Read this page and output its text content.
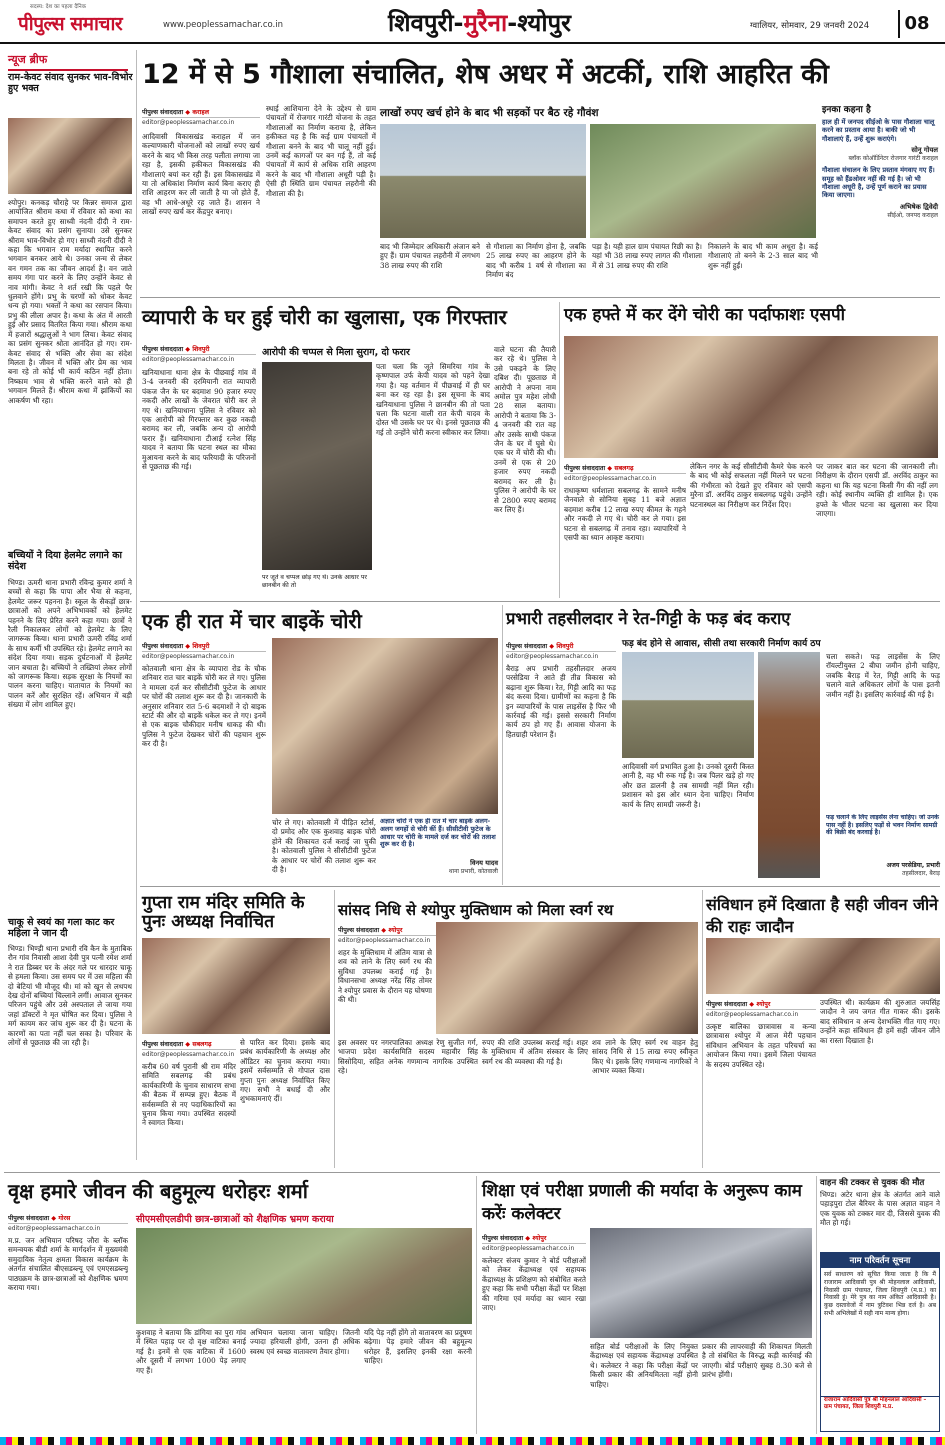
सदस्य: देश का पहला दैनिक
पीपुल्स समाचार	www.peoplessamachar.co.in	शिवपुरी-मुरैना-श्योपुर	ग्वालियर, सोमवार, 29 जनवरी 2024	08
न्यूज ब्रीफ
राम-केवट संवाद सुनकर भाव-विभोर हुए भक्त
श्योपुर। कनकड़ चौराहे पर किन्नर समाज द्वारा आयोजित श्रीराम कथा में रविवार को कथा का समापन करते हुए साध्वी नंदनी दीदी ने राम-केवट संवाद का प्रसंग सुनाया। उसे सुनकर श्रीराम भाव-विभोर हो गए। साध्वी नंदनी दीदी ने कहा कि भगवान राम मर्यादा स्थापित करने भगवान बनकर आये थे। उनका जन्म से लेकर वन गमन तक का जीवन आदर्श है। वन जाते समय गंगा पार करने के लिए उन्होंने केवट से नाव मांगी। केवट ने शर्त रखी कि पहले पैर धुलवाने होंगे। प्रभु के चरणों को धोकर केवट धन्य हो गया। भक्तों ने कथा का रसपान किया। प्रभु की लीला अपार है। कथा के अंत में आरती हुई और प्रसाद वितरित किया गया। श्रीराम कथा में हजारों श्रद्धालुओं ने भाग लिया। केवट संवाद का प्रसंग सुनकर श्रोता आनंदित हो गए। राम-केवट संवाद से भक्ति और सेवा का संदेश मिलता है। जीवन में भक्ति और प्रेम का भाव बना रहे तो कोई भी कार्य कठिन नहीं होता। निष्काम भाव से भक्ति करने वाले को ही भगवान मिलते हैं। श्रीराम कथा में झांकियों का आकर्षण भी रहा।
बच्चियों ने दिया हेलमेट लगाने का संदेश
भिण्ड। ऊमरी थाना प्रभारी रविन्द्र कुमार शर्मा ने बच्चों से कहा कि पापा और भैया से कहना, हेलमेट जरूर पहनना है। स्कूल के सैकड़ों छात्र-छात्राओं को अपने अभिभावकों को हेलमेट पहनने के लिए प्रेरित करने कहा गया। छात्रों ने रैली निकालकर लोगों को हेलमेट के लिए जागरूक किया। थाना प्रभारी ऊमरी रविंद्र शर्मा के साथ कर्मी भी उपस्थित रहे। हेलमेट लगाने का संदेश दिया गया। सड़क दुर्घटनाओं में हेलमेट जान बचाता है। बच्चियों ने तख्तियां लेकर लोगों को जागरूक किया। सड़क सुरक्षा के नियमों का पालन करना चाहिए। यातायात के नियमों का पालन करें और सुरक्षित रहें। अभियान में बड़ी संख्या में लोग शामिल हुए।
चाकू से स्वयं का गला काट कर महिला ने जान दी
भिण्ड। भिण्ड़ी थाना प्रभारी रवि कैन के मुताबिक रौन गांव निवासी आशा देवी पुत्र पत्नी रमेश शर्मा ने रात डिब्बर घर के अंदर गले पर धारदार चाकू से हमला किया। उस समय घर में उस महिला की दो बेटियां भी मौजूद थी। मां को खून से लथपथ देख दोनों बच्चियां चिल्लाने लगीं। आवाज सुनकर परिजन पहुंचे और उसे अस्पताल ले जाया गया जहां डॉक्टरों ने मृत घोषित कर दिया। पुलिस ने मर्ग कायम कर जांच शुरू कर दी है। घटना के कारणों का पता नहीं चल सका है। परिवार के लोगों से पूछताछ की जा रही है।
12 में से 5 गौशाला संचालित, शेष अधर में अटकीं, राशि आहरित की
पीपुल्स संवाददाता ◆ कराहल
editor@peoplessamachar.co.in
आदिवासी विकासखंड कराहल में जन कल्याणकारी योजनाओं को लाखों रुपए खर्च करने के बाद भी किस तरह पलीता लगाया जा रहा है, इसकी हकीकत विकासखंड की गौशालाएं बयां कर रही हैं। इस विकासखंड में या तो अधिकांश निर्माण कार्य बिना कराए ही राशि आहरण कर ली जाती है या जो होते हैं, वह भी आधे-अधूरे रह जाते हैं। शासन ने लाखों रुपए खर्च कर केंद्रपुर बनाए।
स्थाई आशियाना देने के उद्देश्य से ग्राम पंचायतों में रोजगार गारंटी योजना के तहत गौशालाओं का निर्माण कराया है, लेकिन हकीकत यह है कि कई ग्राम पंचायतों में गौशाला बनने के बाद भी चालू नहीं हुई। उनमें कई कागजों पर बन गई हैं, तो कई पंचायतों में कार्य से अधिक राशि आहरण करने के बाद भी गौशाला अधूरी पड़ी है। ऐसी ही स्थिति ग्राम पंचायत लहरौनी की गौशाला की है।
लाखों रुपए खर्च होने के बाद भी सड़कों पर बैठ रहे गौवंश
बाद भी जिम्मेदार अधिकारी अंजान बने हुए हैं। ग्राम पंचायत लहरौनी में लगभग 38 लाख रुपए की राशि
से गौशाला का निर्माण होना है, जबकि 25 लाख रुपए का आहरण होने के बाद भी करीब 1 वर्ष से गौशाला का निर्माण बंद
पड़ा है। यही हाल ग्राम पंचायत रिछी का है। यहां भी 38 लाख रुपए लागत की गौशाला में से 31 लाख रुपए की राशि
निकालने के बाद भी काम अधूरा है। कई गौशालाएं तो बनने के 2-3 साल बाद भी शुरू नहीं हुईं।
इनका कहना है
हाल ही में जनपद सीईओ के पास गौशाला चालू करने का प्रस्ताव आया है। बाकी जो भी गौशालाएं हैं, उन्हें शुरू कराएंगे।
सोनू गोयल
ब्लॉक कोऑर्डिनेटर रोजगार गारंटी कराहल
गौशाला संचालन के लिए प्रस्ताव मंगवाए गए हैं। समूह को हैंडओवर नहीं की गई है। जो भी गौशाला अधूरी है, उन्हें पूर्ण कराने का प्रयास किया जाएगा।
अभिषेक द्विवेदी
सीईओ, जनपद कराहल
व्यापारी के घर हुई चोरी का खुलासा, एक गिरफ्तार
पीपुल्स संवाददाता ◆ शिवपुरी
editor@peoplessamachar.co.in
खनियाधाना थाना क्षेत्र के पीछवाई गांव में 3-4 जनवरी की दरमियानी रात व्यापारी पंकज जैन के घर बदमाश 90 हजार रुपए नकदी और लाखों के जेवरात चोरी कर ले गए थे। खनियाधाना पुलिस ने रविवार को एक आरोपी को गिरफ्तार कर कुछ नकदी बरामद कर ली, जबकि अन्य दो आरोपी फरार हैं। खनियाधाना टीआई रत्नेश सिंह यादव ने बताया कि घटना स्थल का मौका मुआयना करने के बाद फरियादी के परिजनों से पूछताछ की गई।
आरोपी की चप्पल से मिला सुराग, दो फरार
पर जूते व चप्पल छोड़ गए थे। उनके आधार पर छानबीन की तो
पता चला कि जूते सिमरिया गांव के कृष्णपाल उर्फ केपी यादव को पहने देखा गया है। यह वर्तमान में पीछवाई में ही घर बना कर रह रहा है। इस सूचना के बाद खनियाधाना पुलिस ने छानबीन की तो पता चला कि घटना वाली रात केपी यादव के दोस्त भी उसके घर पर थे। इनसे पूछताछ की गई तो उन्होंने चोरी करना स्वीकार कर लिया।
वाले घटना की तैयारी कर रहे थे। पुलिस ने उसे पकड़ने के लिए दबिश दी। पूछताछ में आरोपी ने अपना नाम अमोल पुत्र महेश लोधी 28 साल बताया। आरोपी ने बताया कि 3-4 जनवरी की रात वह और उसके साथी पंकज जैन के घर में घुसे थे। एक घर में चोरी की थी। उनमें से एक से 20 हजार रुपए नकदी बरामद कर ली है। पुलिस ने आरोपी के घर से 2800 रुपए बरामद कर लिए हैं।
एक हफ्ते में कर देंगे चोरी का पर्दाफाशः एसपी
पीपुल्स संवाददाता ◆ सबलगढ़
editor@peoplessamachar.co.in
राधाकृष्ण धर्मशाला सबलगढ़ के सामने मनीष जैनवाले से सोनिया सुबह 11 बजे अज्ञात बदमाश करीब 12 लाख रुपए कीमत के गहने और नकदी ले गए थे। चोरी कर ले गया। इस घटना से सबलगढ़ में तनाव रहा। व्यापारियों ने एसपी का ध्यान आकृष्ट कराया।
लेकिन नगर के कई सीसीटीवी कैमरे चेक करने के बाद भी कोई सफलता नहीं मिलने पर घटना की गंभीरता को देखते हुए रविवार को एसपी मुरैना डॉ. अरविंद ठाकुर सबलगढ़ पहुंचे। उन्होंने घटनास्थल का निरीक्षण कर निर्देश दिए।
पर जाकर बात कर घटना की जानकारी ली। निरीक्षण के दौरान एसपी डॉ. अरविंद ठाकुर का कहना था कि यह घटना किसी गैंग की नहीं लग रही। कोई स्थानीय व्यक्ति ही शामिल है। एक हफ्ते के भीतर घटना का खुलासा कर दिया जाएगा।
एक ही रात में चार बाइकें चोरी
पीपुल्स संवाददाता ◆ शिवपुरी
editor@peoplessamachar.co.in
कोतवाली थाना क्षेत्र के व्यापारा रोड के चौक शनिवार रात चार बाइकें चोरी कर ले गए। पुलिस ने मामला दर्ज कर सीसीटीवी फुटेज के आधार पर चोरों की तलाश शुरू कर दी है। जानकारी के अनुसार शनिवार रात 5-6 बदमाशों ने दो बाइक स्टार्ट की और दो बाइकें धकेल कर ले गए। इनमें से एक बाइक चौकीदार मनीष धाकड़ की थी। पुलिस ने फुटेज देखकर चोरों की पहचान शुरू कर दी है।
चोर ले गए। कोतवाली में पीड़ित स्टोर्स, दो प्रमोद और एक कुशवाह बाइक चोरी होने की शिकायत दर्ज कराई जा चुकी है। कोतवाली पुलिस ने सीसीटीवी फुटेज के आधार पर चोरों की तलाश शुरू कर दी है।
अज्ञात चोरों ने एक ही रात में चार बाइकें अलग-अलग जगहों से चोरी कीं हैं। सीसीटीवी फुटेज के आधार पर चोरी के मामले दर्ज कर चोरों की तलाश शुरू कर दी है।
विनय यादव
थाना प्रभारी, कोतवाली
प्रभारी तहसीलदार ने रेत-गिट्टी के फड़ बंद कराए
फड़ बंद होने से आवास, सीसी तथा सरकारी निर्माण कार्य ठप
पीपुल्स संवाददाता ◆ शिवपुरी
editor@peoplessamachar.co.in
बैराड़ अप प्रभारी तहसीलदार अजय परसेडिया ने आते ही तीव्र विकास को बढ़ाना शुरू किया। रेत, गिट्टी आदि का फड़ बंद करवा दिया। ग्रामीणों का कहना है कि इन व्यापारियों के पास लाइसेंस है फिर भी कार्रवाई की गई। इससे सरकारी निर्माण कार्य ठप हो गए हैं। आवास योजना के हितग्राही परेशान हैं।
आदिवासी वर्ग प्रभावित हुआ है। उनको दूसरी किस्त आनी है, वह भी रुक गई है। जब पिलर खड़े हो गए और छत डालनी है तब सामग्री नहीं मिल रही। प्रशासन को इस ओर ध्यान देना चाहिए। निर्माण कार्य के लिए सामग्री जरूरी है।
चला सकते। फड़ लाइसेंस के लिए रॉयल्टीयुक्त 2 बीघा जमीन होनी चाहिए, जबकि बैराड़ में रेत, गिट्टी आदि के फड़ चलाने वाले अधिकतर लोगों के पास इतनी जमीन नहीं है। इसलिए कार्रवाई की गई है।
फड़ चलाने के लिए लाइसेंस लेना चाहिए। जो उनके पास नहीं है। इसलिए फड़ों से भवन निर्माण सामग्री की बिक्री बंद करवाई है।
अजय परसेडिया, प्रभारी
तहसीलदार, बैराड़
गुप्ता राम मंदिर समिति के पुनः अध्यक्ष निर्वाचित
पीपुल्स संवाददाता ◆ सबलगढ़
editor@peoplessamachar.co.in
करीब 60 वर्ष पुरानी श्री राम मंदिर समिति सबलगढ़ की प्रबंध कार्यकारिणी के चुनाव साधारण सभा की बैठक में सम्पन्न हुए। बैठक में सर्वसम्मति से नए पदाधिकारियों का चुनाव किया गया। उपस्थित सदस्यों ने स्वागत किया।
से पारित कर दिया। इसके बाद प्रबंध कार्यकारिणी के अध्यक्ष और ऑडिटर का चुनाव कराया गया। इसमें सर्वसम्मति से गोपाल दास गुप्ता पुनः अध्यक्ष निर्वाचित किए गए। सभी ने बधाई दी और शुभकामनाएं दीं।
सांसद निधि से श्योपुर मुक्तिधाम को मिला स्वर्ग रथ
पीपुल्स संवाददाता ◆ श्योपुर
editor@peoplessamachar.co.in
शहर के मुक्तिधाम में अंतिम यात्रा से शव को लाने के लिए स्वर्ग रथ की सुविधा उपलब्ध कराई गई है। विधानसभा अध्यक्ष नरेंद्र सिंह तोमर ने श्योपुर प्रवास के दौरान यह घोषणा की थी।
इस अवसर पर नगरपालिका अध्यक्ष रेणु सुजीत गर्ग, भाजपा प्रदेश कार्यसमिति सदस्य महावीर सिंह सिसोदिया, सहित अनेक गणमान्य नागरिक उपस्थित रहे।
रुपए की राशि उपलब्ध कराई गई। शहर के मुक्तिधाम में अंतिम संस्कार के लिए स्वर्ग रथ की व्यवस्था की गई है।
शव लाने के लिए स्वर्ग रथ वाहन हेतु सांसद निधि से 15 लाख रुपए स्वीकृत किए थे। इसके लिए गणमान्य नागरिकों ने आभार व्यक्त किया।
संविधान हमें दिखाता है सही जीवन जीने की राहः जादौन
पीपुल्स संवाददाता ◆ श्योपुर
editor@peoplessamachar.co.in
उत्कृष्ट बालिका छात्रावास व कन्या छात्रावास श्योपुर में आज मेरी पहचान संविधान अभियान के तहत परिचर्चा का आयोजन किया गया। इसमें जिला पंचायत के सदस्य उपस्थित रहे।
उपस्थित थी। कार्यक्रम की शुरुआत जयसिंह जादौन ने जय जगत गीत गाकर की। इसके बाद संविधान व अन्य देशभक्ति गीत गाए गए। उन्होंने कहा संविधान ही हमें सही जीवन जीने का रास्ता दिखाता है।
वृक्ष हमारे जीवन की बहुमूल्य धरोहरः शर्मा
पीपुल्स संवाददाता ◆ गोरस
editor@peoplessamachar.co.in
म.प्र. जन अभियान परिषद जौरा के ब्लॉक समन्वयक बीडी शर्मा के मार्गदर्शन में मुख्यमंत्री समुदायिक नेतृत्व क्षमता विकास कार्यक्रम के अंतर्गत संचालित बीएसडब्ल्यू एवं एमएसडब्ल्यू पाठ्यक्रम के छात्र-छात्राओं को शैक्षणिक भ्रमण कराया गया।
सीएमसीएलडीपी छात्र-छात्राओं को शैक्षणिक भ्रमण कराया
कुशवाह ने बताया कि डांगिया का पुरा गांव में स्थित पहाड़ पर दो वृक्ष वाटिका बनाई गई है। इनमें से एक वाटिका में 1600 और दूसरी में लगभग 1000 पेड़ लगाए गए हैं।
अभियान चलाया जाना चाहिए। जितनी ज्यादा हरियाली होगी, उतना ही अधिक स्वस्थ एवं स्वच्छ वातावरण तैयार होगा।
यदि पेड़ नहीं होंगे तो वातावरण का प्रदूषण बढ़ेगा। पेड़ हमारे जीवन की बहुमूल्य धरोहर हैं, इसलिए इनकी रक्षा करनी चाहिए।
शिक्षा एवं परीक्षा प्रणाली की मर्यादा के अनुरूप काम करेंः कलेक्टर
पीपुल्स संवाददाता ◆ श्योपुर
editor@peoplessamachar.co.in
कलेक्टर संजय कुमार ने बोर्ड परीक्षाओं को लेकर केंद्राध्यक्ष एवं सहायक केंद्राध्यक्ष के प्रशिक्षण को संबोधित करते हुए कहा कि सभी परीक्षा केंद्रों पर शिक्षा की गरिमा एवं मर्यादा का ध्यान रखा जाए।
सहित बोर्ड परीक्षाओं के लिए नियुक्त केंद्राध्यक्ष एवं सहायक केंद्राध्यक्ष उपस्थित थे। कलेक्टर ने कहा कि परीक्षा केंद्रों पर किसी प्रकार की अनियमितता नहीं होनी चाहिए।
प्रकार की लापरवाही की शिकायत मिलती है तो संबंधित के विरुद्ध कड़ी कार्रवाई की जाएगी। बोर्ड परीक्षाएं सुबह 8.30 बजे से प्रारंभ होंगी।
वाहन की टक्कर से युवक की मौत
भिण्ड। अटेर थाना क्षेत्र के अंतर्गत आने वाले पहाड़पुरा टोल बैरियर के पास अज्ञात वाहन ने एक युवक को टक्कर मार दी, जिससे युवक की मौत हो गई।
नाम परिवर्तन सूचना
सर्व साधारण को सूचित किया जाता है कि मैं राजाराम आदिवासी पुत्र श्री मोहनलाल आदिवासी, निवासी ग्राम पंचायत, जिला शिवपुरी (म.प्र.) का निवासी हूं। मेरे पुत्र का नाम अंकित आदिवासी है। कुछ दस्तावेजों में नाम त्रुटिवश भिन्न दर्ज है। अब सभी अभिलेखों में सही नाम मान्य होगा।
राजाराम आदिवासी पुत्र श्री मोहनलाल आदिवासी – ग्राम पंचायत, जिला शिवपुरी म.प्र.
